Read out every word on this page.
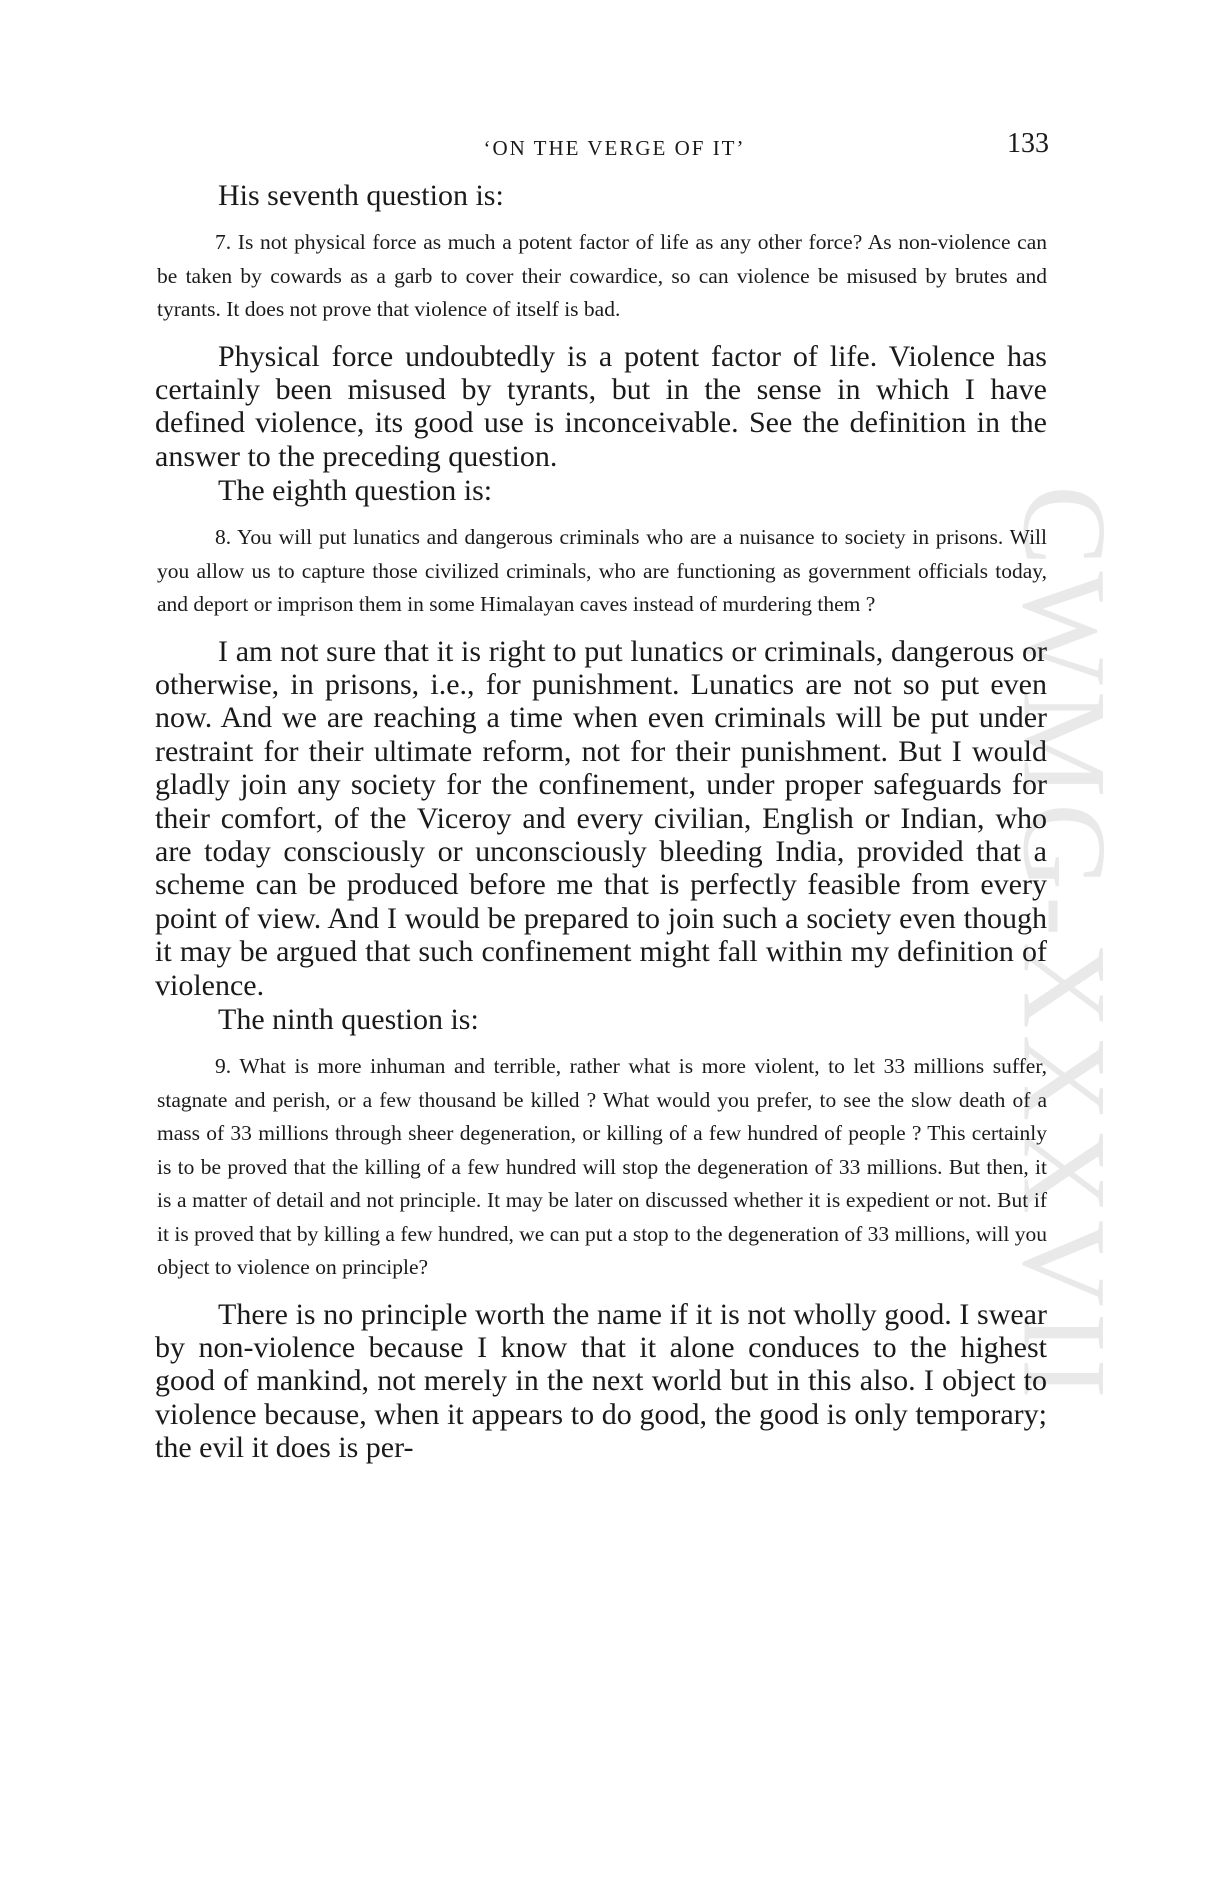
CWMG-XXXVII
‘ON THE VERGE OF IT’	133

His seventh question is:

7. Is not physical force as much a potent factor of life as any other force? As non-violence can be taken by cowards as a garb to cover their cowardice, so can violence be misused by brutes and tyrants. It does not prove that violence of itself is bad.

Physical force undoubtedly is a potent factor of life. Violence has certainly been misused by tyrants, but in the sense in which I have defined violence, its good use is inconceivable. See the definition in the answer to the preceding question.

The eighth question is:

8. You will put lunatics and dangerous criminals who are a nuisance to society in prisons. Will you allow us to capture those civilized criminals, who are functioning as government officials today, and deport or imprison them in some Himalayan caves instead of murdering them ?

I am not sure that it is right to put lunatics or criminals, dangerous or otherwise, in prisons, i.e., for punishment. Lunatics are not so put even now. And we are reaching a time when even criminals will be put under restraint for their ultimate reform, not for their punishment. But I would gladly join any society for the confinement, under proper safeguards for their comfort, of the Viceroy and every civilian, English or Indian, who are today consciously or unconsciously bleeding India, provided that a scheme can be produced before me that is perfectly feasible from every point of view. And I would be prepared to join such a society even though it may be argued that such confinement might fall within my definition of violence.

The ninth question is:

9. What is more inhuman and terrible, rather what is more violent, to let 33 millions suffer, stagnate and perish, or a few thousand be killed ? What would you prefer, to see the slow death of a mass of 33 millions through sheer degeneration, or killing of a few hundred of people ? This certainly is to be proved that the killing of a few hundred will stop the degeneration of 33 millions. But then, it is a matter of detail and not principle. It may be later on discussed whether it is expedient or not. But if it is proved that by killing a few hundred, we can put a stop to the degeneration of 33 millions, will you object to violence on principle?

There is no principle worth the name if it is not wholly good. I swear by non-violence because I know that it alone conduces to the highest good of mankind, not merely in the next world but in this also. I object to violence because, when it appears to do good, the good is only temporary; the evil it does is per-
